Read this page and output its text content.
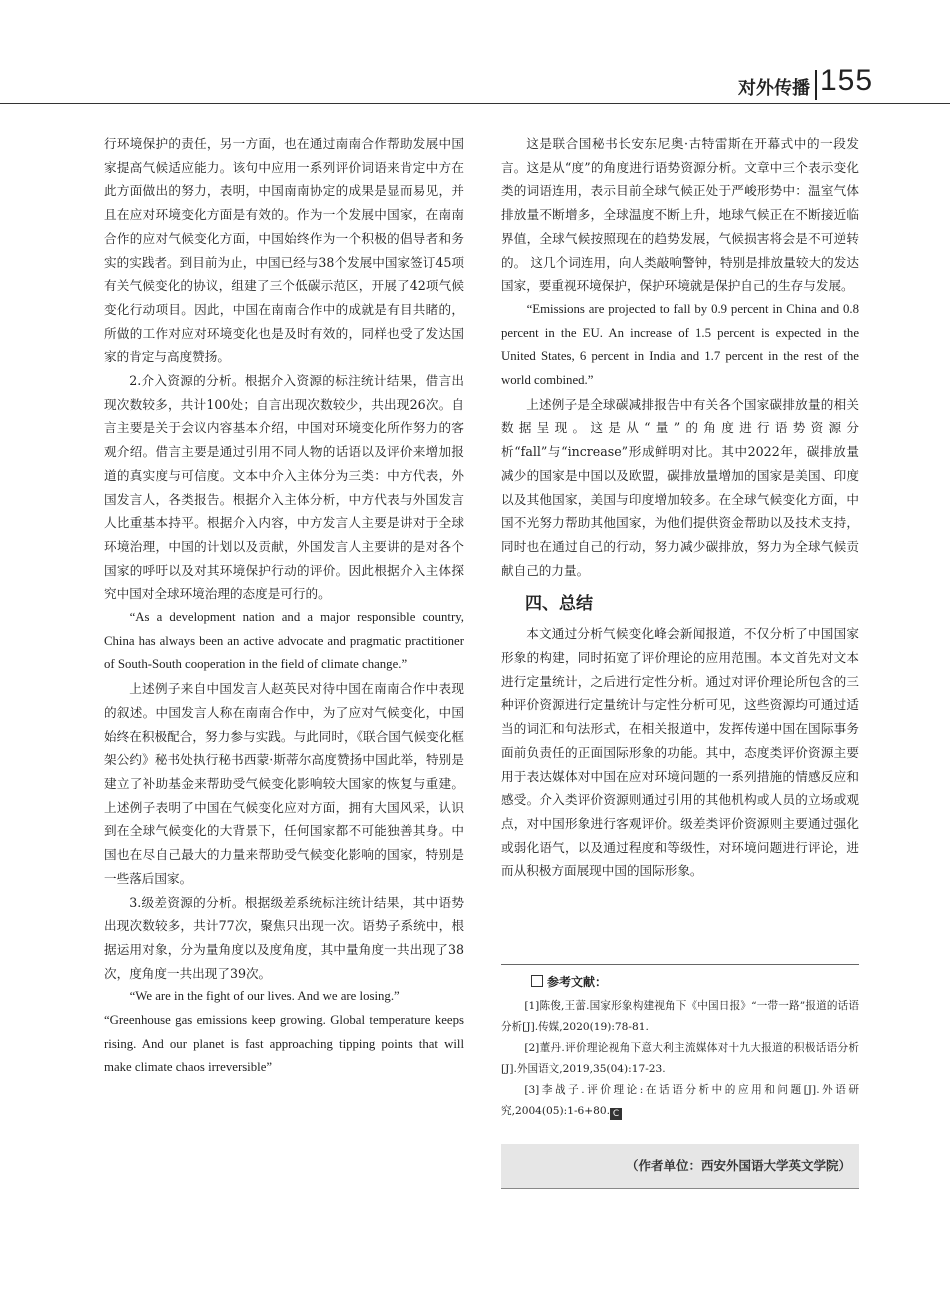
对外传播 155

行环境保护的责任，另一方面，也在通过南南合作帮助发展中国家提高气候适应能力。该句中应用一系列评价词语来肯定中方在此方面做出的努力，表明，中国南南协定的成果是显而易见，并且在应对环境变化方面是有效的。作为一个发展中国家，在南南合作的应对气候变化方面，中国始终作为一个积极的倡导者和务实的实践者。到目前为止，中国已经与38个发展中国家签订45项有关气候变化的协议，组建了三个低碳示范区，开展了42项气候变化行动项目。因此，中国在南南合作中的成就是有目共睹的，所做的工作对应对环境变化也是及时有效的，同样也受了发达国家的肯定与高度赞扬。

2.介入资源的分析。根据介入资源的标注统计结果，借言出现次数较多，共计100处；自言出现次数较少，共出现26次。自言主要是关于会议内容基本介绍，中国对环境变化所作努力的客观介绍。借言主要是通过引用不同人物的话语以及评价来增加报道的真实度与可信度。文本中介入主体分为三类：中方代表，外国发言人，各类报告。根据介入主体分析，中方代表与外国发言人比重基本持平。根据介入内容，中方发言人主要是讲对于全球环境治理，中国的计划以及贡献，外国发言人主要讲的是对各个国家的呼吁以及对其环境保护行动的评价。因此根据介入主体探究中国对全球环境治理的态度是可行的。

“As a development nation and a major responsible country, China has always been an active advocate and pragmatic practitioner of South-South cooperation in the field of climate change.”

上述例子来自中国发言人赵英民对待中国在南南合作中表现的叙述。中国发言人称在南南合作中，为了应对气候变化，中国始终在积极配合，努力参与实践。与此同时，《联合国气候变化框架公约》秘书处执行秘书西蒙·斯蒂尔高度赞扬中国此举，特别是建立了补助基金来帮助受气候变化影响较大国家的恢复与重建。上述例子表明了中国在气候变化应对方面，拥有大国风采，认识到在全球气候变化的大背景下，任何国家都不可能独善其身。中国也在尽自己最大的力量来帮助受气候变化影响的国家，特别是一些落后国家。

3.级差资源的分析。根据级差系统标注统计结果，其中语势出现次数较多，共计77次，聚焦只出现一次。语势子系统中，根据运用对象，分为量角度以及度角度，其中量角度一共出现了38次，度角度一共出现了39次。

“We are in the fight of our lives. And we are losing.”

“Greenhouse gas emissions keep growing. Global temperature keeps rising. And our planet is fast approaching tipping points that will make climate chaos irreversible”

这是联合国秘书长安东尼奥·古特雷斯在开幕式中的一段发言。这是从“度”的角度进行语势资源分析。文章中三个表示变化类的词语连用，表示目前全球气候正处于严峻形势中：温室气体排放量不断增多，全球温度不断上升，地球气候正在不断接近临界值，全球气候按照现在的趋势发展，气候损害将会是不可逆转的。 这几个词连用，向人类敲响警钟，特别是排放量较大的发达国家，要重视环境保护，保护环境就是保护自己的生存与发展。

“Emissions are projected to fall by 0.9 percent in China and 0.8 percent in the EU. An increase of 1.5 percent is expected in the United States, 6 percent in India and 1.7 percent in the rest of the world combined.”

上述例子是全球碳减排报告中有关各个国家碳排放量的相关数据呈现。这是从“量”的角度进行语势资源分析“fall”与“increase”形成鲜明对比。其中2022年，碳排放量减少的国家是中国以及欧盟，碳排放量增加的国家是美国、印度以及其他国家，美国与印度增加较多。在全球气候变化方面，中国不光努力帮助其他国家，为他们提供资金帮助以及技术支持，同时也在通过自己的行动，努力减少碳排放，努力为全球气候贡献自己的力量。

四、总结

本文通过分析气候变化峰会新闻报道，不仅分析了中国国家形象的构建，同时拓宽了评价理论的应用范围。本文首先对文本进行定量统计，之后进行定性分析。通过对评价理论所包含的三种评价资源进行定量统计与定性分析可见，这些资源均可通过适当的词汇和句法形式，在相关报道中，发挥传递中国在国际事务面前负责任的正面国际形象的功能。其中，态度类评价资源主要用于表达媒体对中国在应对环境问题的一系列措施的情感反应和感受。介入类评价资源则通过引用的其他机构或人员的立场或观点，对中国形象进行客观评价。级差类评价资源则主要通过强化或弱化语气，以及通过程度和等级性，对环境问题进行评论，进而从积极方面展现中国的国际形象。

参考文献：

[1]陈俊,王蕾.国家形象构建视角下《中国日报》“一带一路”报道的话语分析[J].传媒,2020(19):78-81.

[2]董丹.评价理论视角下意大利主流媒体对十九大报道的积极话语分析[J].外国语文,2019,35(04):17-23.

[3]李战子.评价理论:在话语分析中的应用和问题[J].外语研究,2004(05):1-6+80. C

（作者单位：西安外国语大学英文学院）
